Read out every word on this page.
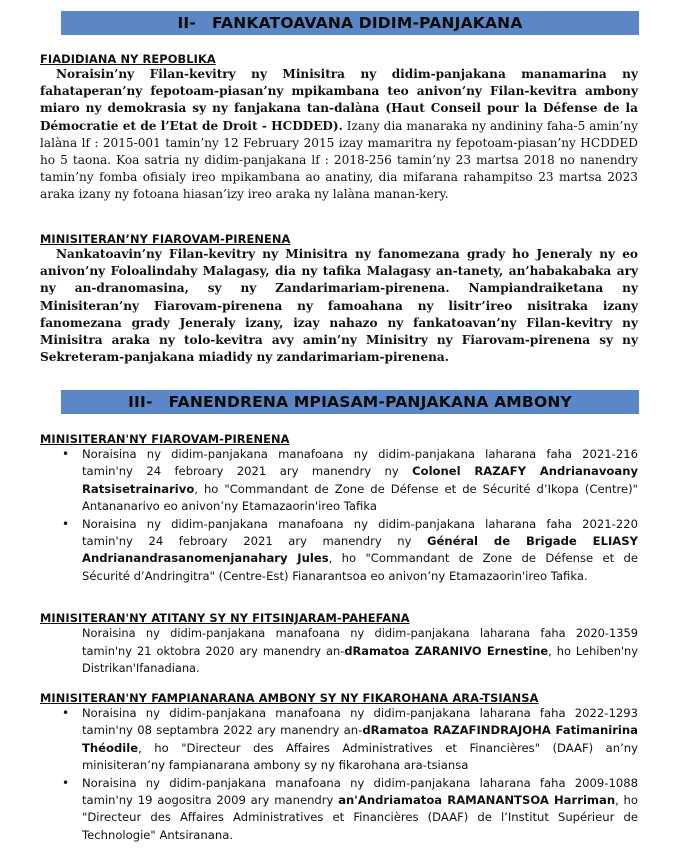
II- FANKATOAVANA DIDIM-PANJAKANA
FIADIDIANA NY REPOBLIKA

Noraisin’ny Filan-kevitry ny Minisitra ny didim-panjakana manamarina ny fahataperan’ny fepotoam-piasan’ny mpikambana teo anivon’ny Filan-kevitra ambony miaro ny demokrasia sy ny fanjakana tan-dalàna (Haut Conseil pour la Défense de la Démocratie et de l’Etat de Droit - HCDDED). Izany dia manaraka ny andininy faha-5 amin’ny lalàna lf : 2015-001 tamin’ny 12 February 2015 izay mamaritra ny fepotoam-piasan’ny HCDDED ho 5 taona. Koa satria ny didim-panjakana lf : 2018-256 tamin’ny 23 martsa 2018 no nanendry tamin’ny fomba ofisialy ireo mpikambana ao anatiny, dia mifarana rahampitso 23 martsa 2023 araka izany ny fotoana hiasan’izy ireo araka ny lalàna manan-kery.

MINISITERAN’NY FIAROVAM-PIRENENA

Nankatoavin’ny Filan-kevitry ny Minisitra ny fanomezana grady ho Jeneraly ny eo anivon’ny Foloalindahy Malagasy, dia ny tafika Malagasy an-tanety, an’habakabaka ary ny an-dranomasina, sy ny Zandarimariam-pirenena. Nampiandraiketana ny Minisiteran’ny Fiarovam-pirenena ny famoahana ny lisitr’ireo nisitraka izany fanomezana grady Jeneraly izany, izay nahazo ny fankatoavan’ny Filan-kevitry ny Minisitra araka ny tolo-kevitra avy amin’ny Minisitry ny Fiarovam-pirenena sy ny Sekreteram-panjakana miadidy ny zandarimariam-pirenena.

III- FANENDRENA MPIASAM-PANJAKANA AMBONY
MINISITERAN'NY FIAROVAM-PIRENENA
• Noraisina ny didim-panjakana manafoana ny didim-panjakana laharana faha 2021-216 tamin'ny 24 febroary 2021 ary manendry ny Colonel RAZAFY Andrianavoany Ratsisetrainarivo, ho "Commandant de Zone de Défense et de Sécurité d’Ikopa (Centre)" Antananarivo eo anivon’ny Etamazaorin'ireo Tafika
• Noraisina ny didim-panjakana manafoana ny didim-panjakana laharana faha 2021-220 tamin'ny 24 febroary 2021 ary manendry ny Général de Brigade ELIASY Andrianandrasanomenjanahary Jules, ho "Commandant de Zone de Défense et de Sécurité d’Andringitra" (Centre-Est) Fianarantsoa eo anivon’ny Etamazaorin'ireo Tafika.
MINISITERAN'NY ATITANY SY NY FITSINJARAM-PAHEFANA

Noraisina ny didim-panjakana manafoana ny didim-panjakana laharana faha 2020-1359 tamin'ny 21 oktobra 2020 ary manendry an-dRamatoa ZARANIVO Ernestine, ho Lehiben'ny Distrikan'Ifanadiana.

MINISITERAN'NY FAMPIANARANA AMBONY SY NY FIKAROHANA ARA-TSIANSA
• Noraisina ny didim-panjakana manafoana ny didim-panjakana laharana faha 2022-1293 tamin'ny 08 septambra 2022 ary manendry an-dRamatoa RAZAFINDRAJOHA Fatimanirina Théodile, ho "Directeur des Affaires Administratives et Financières" (DAAF) an’ny minisiteran’ny fampianarana ambony sy ny fikarohana ara-tsiansa
• Noraisina ny didim-panjakana manafoana ny didim-panjakana laharana faha 2009-1088 tamin'ny 19 aogositra 2009 ary manendry an'Andriamatoa RAMANANTSOA Harriman, ho "Directeur des Affaires Administratives et Financières (DAAF) de l’Institut Supérieur de Technologie" Antsiranana.
